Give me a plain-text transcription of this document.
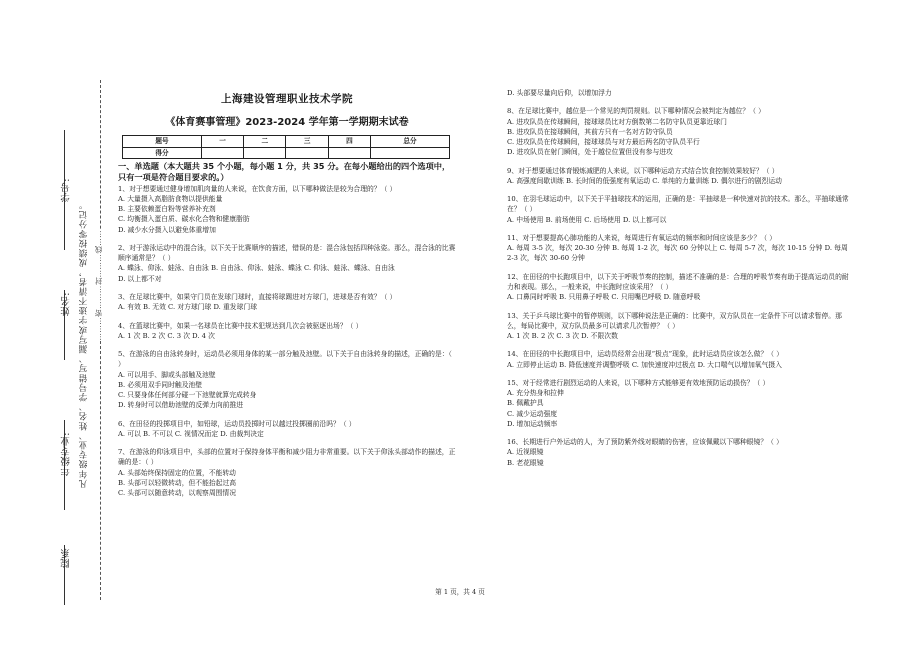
学号:
姓名:
年级专业:
院系
凡年级专业、姓名、学号错写、漏写或字迹不清者，成绩按零分记。 ………密………封………线……
上海建设管理职业技术学院
《体育赛事管理》2023-2024 学年第一学期期末试卷
题号	一	二	三	四	总分
得分					
一、单选题（本大题共 35 个小题，每小题 1 分，共 35 分。在每小题给出的四个选项中，只有一项是符合题目要求的。）
1、对于想要通过健身增加肌肉量的人来说，在饮食方面，以下哪种做法是较为合理的？（ ）
A. 大量摄入高脂肪食物以提供能量
B. 主要依赖蛋白粉等营养补充剂
C. 均衡摄入蛋白质、碳水化合物和健康脂肪
D. 减少水分摄入以避免体重增加
2、对于游泳运动中的混合泳，以下关于比赛顺序的描述，错误的是：混合泳包括四种泳姿。那么，混合泳的比赛顺序通常是？（ ）
A. 蝶泳、仰泳、蛙泳、自由泳 B. 自由泳、仰泳、蛙泳、蝶泳 C. 仰泳、蛙泳、蝶泳、自由泳
D. 以上都不对
3、在足球比赛中，如果守门员在发球门球时，直接将球踢进对方球门，进球是否有效？（ ）
A. 有效 B. 无效 C. 对方球门球 D. 重发球门球
4、在篮球比赛中，如果一名球员在比赛中技术犯规达到几次会被驱逐出场？（ ）
A. 1 次 B. 2 次 C. 3 次 D. 4 次
5、在游泳的自由泳转身时，运动员必须用身体的某一部分触及池壁。以下关于自由泳转身的描述，正确的是：（ ）
A. 可以用手、脚或头部触及池壁
B. 必须用双手同时触及池壁
C. 只要身体任何部分碰一下池壁就算完成转身
D. 转身时可以借助池壁的反弹力向前推进
6、在田径的投掷项目中，如铅球，运动员投掷时可以越过投掷圈前沿吗？（ ）
A. 可以 B. 不可以 C. 视情况而定 D. 由裁判决定
7、在游泳的仰泳项目中，头部的位置对于保持身体平衡和减少阻力非常重要。以下关于仰泳头部动作的描述，正确的是：（ ）
A. 头部始终保持固定的位置，不能转动
B. 头部可以轻微转动，但不能抬起过高
C. 头部可以随意转动，以观察周围情况
D. 头部要尽量向后仰，以增加浮力
8、在足球比赛中，越位是一个常见的判罚规则。以下哪种情况会被判定为越位？（ ）
A. 进攻队员在传球瞬间，接球球员比对方倒数第二名防守队员更靠近球门
B. 进攻队员在接球瞬间，其前方只有一名对方防守队员
C. 进攻队员在传球瞬间，接球球员与对方最后两名防守队员平行
D. 进攻队员在射门瞬间，处于越位位置但没有参与进攻
9、对于想要通过体育锻炼减肥的人来说，以下哪种运动方式结合饮食控制效果较好？（ ）
A. 高强度间歇训练 B. 长时间的低强度有氧运动 C. 单纯的力量训练 D. 偶尔进行的剧烈运动
10、在羽毛球运动中，以下关于平抽球技术的运用，正确的是：平抽球是一种快速对抗的技术。那么，平抽球通常在？（ ）
A. 中场使用 B. 前场使用 C. 后场使用 D. 以上都可以
11、对于想要提高心肺功能的人来说，每周进行有氧运动的频率和时间应该是多少？（ ）
A. 每周 3-5 次，每次 20-30 分钟 B. 每周 1-2 次，每次 60 分钟以上 C. 每周 5-7 次，每次 10-15 分钟 D. 每周 2-3 次，每次 30-60 分钟
12、在田径的中长跑项目中，以下关于呼吸节奏的控制，描述不准确的是：合理的呼吸节奏有助于提高运动员的耐力和表现。那么，一般来说，中长跑时应该采用？（ ）
A. 口鼻同时呼吸 B. 只用鼻子呼吸 C. 只用嘴巴呼吸 D. 随意呼吸
13、关于乒乓球比赛中的暂停规则，以下哪种说法是正确的：比赛中，双方队员在一定条件下可以请求暂停。那么，每局比赛中，双方队员最多可以请求几次暂停？（ ）
A. 1 次 B. 2 次 C. 3 次 D. 不限次数
14、在田径的中长跑项目中，运动员经常会出现“极点”现象，此时运动员应该怎么做？（ ）
A. 立即停止运动 B. 降低速度并调整呼吸 C. 加快速度冲过极点 D. 大口喘气以增加氧气摄入
15、对于经常进行剧烈运动的人来说，以下哪种方式能够更有效地预防运动损伤？（ ）
A. 充分热身和拉伸
B. 佩戴护具
C. 减少运动强度
D. 增加运动频率
16、长期进行户外运动的人，为了预防紫外线对眼睛的伤害，应该佩戴以下哪种眼镜？（ ）
A. 近视眼镜
B. 老花眼镜
第 1 页，共 4 页
